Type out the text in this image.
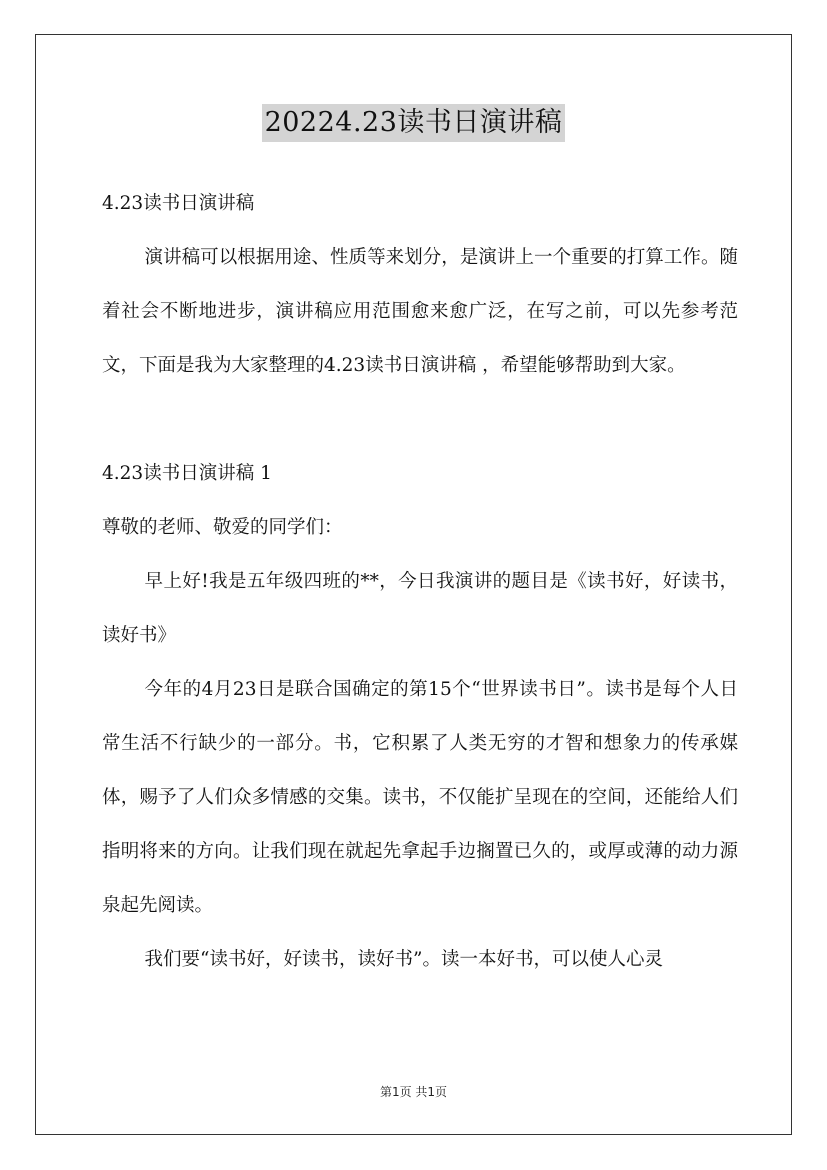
20224.23读书日演讲稿

4.23读书日演讲稿

演讲稿可以根据用途、性质等来划分，是演讲上一个重要的打算工作。随着社会不断地进步，演讲稿应用范围愈来愈广泛，在写之前，可以先参考范文，下面是我为大家整理的4.23读书日演讲稿 ，希望能够帮助到大家。

4.23读书日演讲稿 1

尊敬的老师、敬爱的同学们：

早上好!我是五年级四班的**，今日我演讲的题目是《读书好，好读书，读好书》

今年的4月23日是联合国确定的第15个“世界读书日”。读书是每个人日常生活不行缺少的一部分。书，它积累了人类无穷的才智和想象力的传承媒体，赐予了人们众多情感的交集。读书，不仅能扩呈现在的空间，还能给人们指明将来的方向。让我们现在就起先拿起手边搁置已久的，或厚或薄的动力源泉起先阅读。

我们要“读书好，好读书，读好书”。读一本好书，可以使人心灵

第1页 共1页
